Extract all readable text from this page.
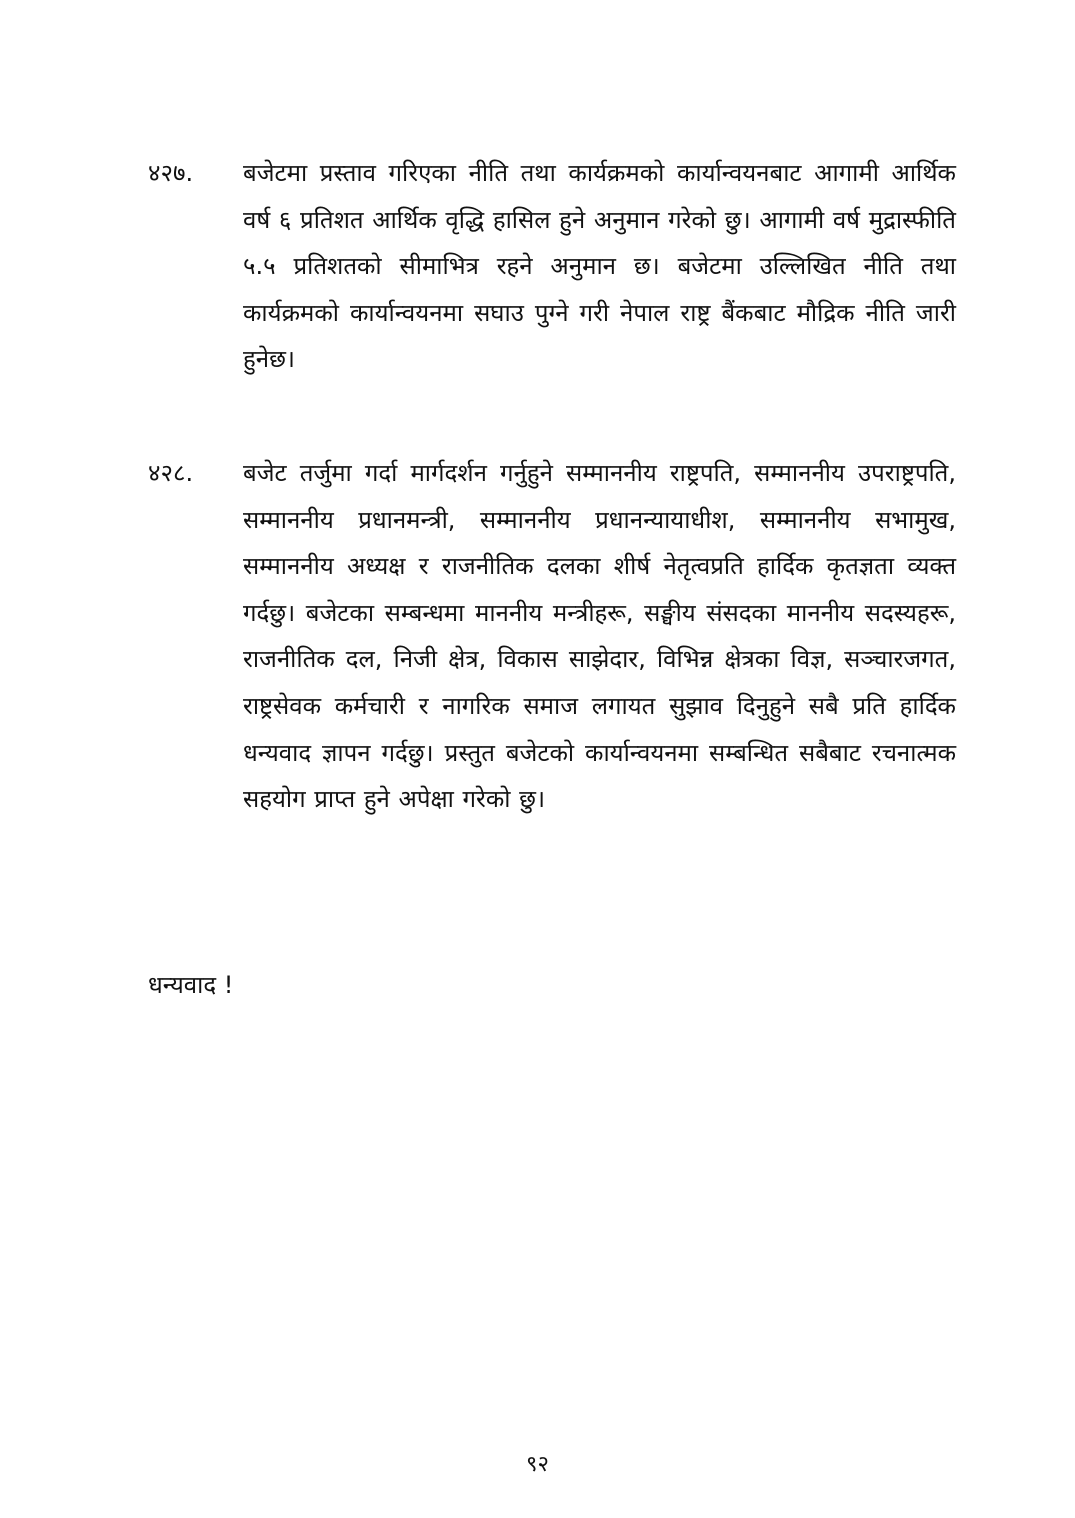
४२७.	बजेटमा प्रस्ताव गरिएका नीति तथा कार्यक्रमको कार्यान्वयनबाट आगामी आर्थिक वर्ष ६ प्रतिशत आर्थिक वृद्धि हासिल हुने अनुमान गरेको छु। आगामी वर्ष मुद्रास्फीति ५.५ प्रतिशतको सीमाभित्र रहने अनुमान छ। बजेटमा उल्लिखित नीति तथा कार्यक्रमको कार्यान्वयनमा सघाउ पुग्ने गरी नेपाल राष्ट्र बैंकबाट मौद्रिक नीति जारी हुनेछ।
४२८.	बजेट तर्जुमा गर्दा मार्गदर्शन गर्नुहुने सम्माननीय राष्ट्रपति, सम्माननीय उपराष्ट्रपति, सम्माननीय प्रधानमन्त्री, सम्माननीय प्रधानन्यायाधीश, सम्माननीय सभामुख, सम्माननीय अध्यक्ष र राजनीतिक दलका शीर्ष नेतृत्वप्रति हार्दिक कृतज्ञता व्यक्त गर्दछु। बजेटका सम्बन्धमा माननीय मन्त्रीहरू, सङ्घीय संसदका माननीय सदस्यहरू, राजनीतिक दल, निजी क्षेत्र, विकास साझेदार, विभिन्न क्षेत्रका विज्ञ, सञ्चारजगत, राष्ट्रसेवक कर्मचारी र नागरिक समाज लगायत सुझाव दिनुहुने सबै प्रति हार्दिक धन्यवाद ज्ञापन गर्दछु। प्रस्तुत बजेटको कार्यान्वयनमा सम्बन्धित सबैबाट रचनात्मक सहयोग प्राप्त हुने अपेक्षा गरेको छु।
धन्यवाद !
९२
